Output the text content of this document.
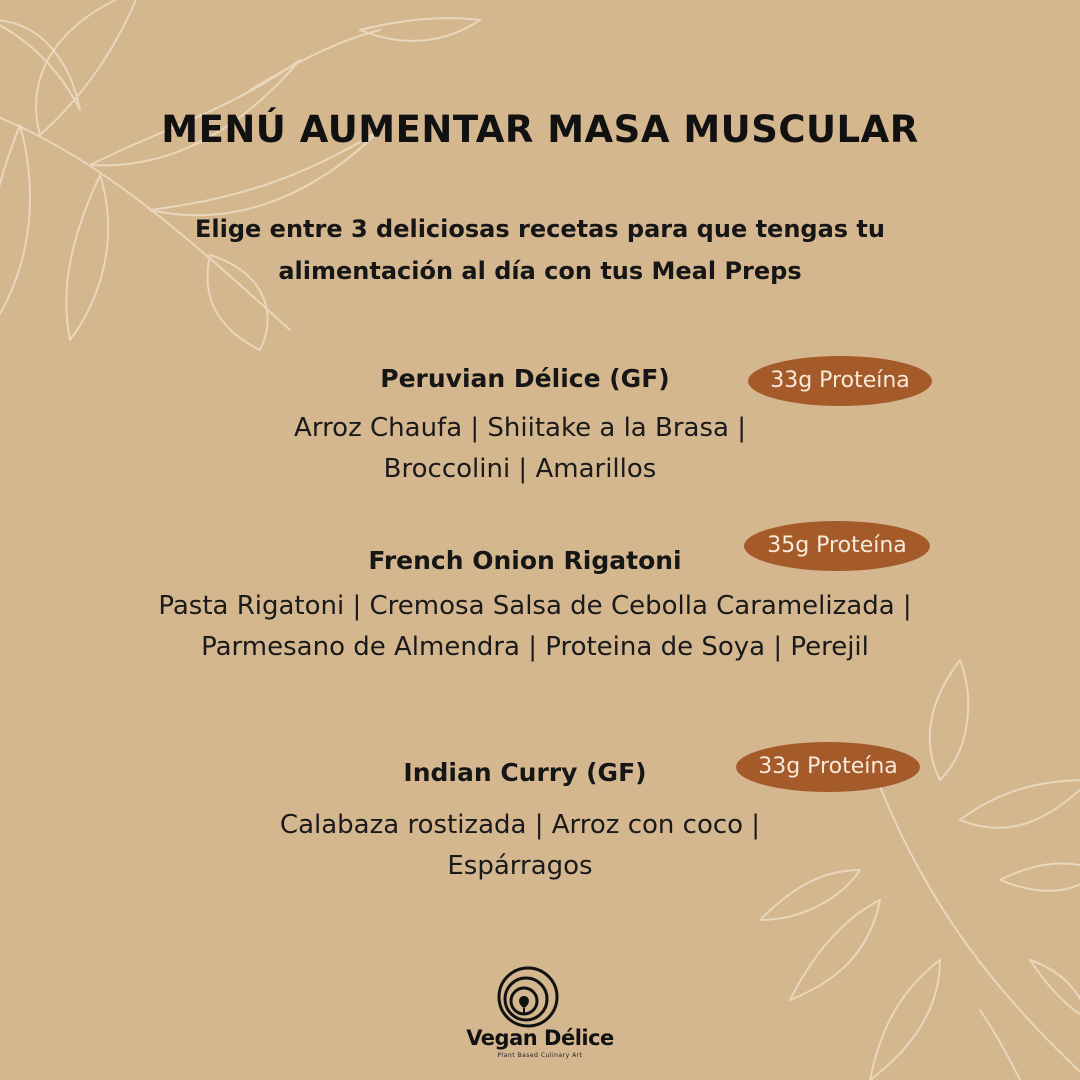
MENÚ AUMENTAR MASA MUSCULAR
Elige entre 3 deliciosas recetas para que tengas tu alimentación al día con tus Meal Preps
Peruvian Délice (GF)	33g Proteína
Arroz Chaufa | Shiitake a la Brasa | Broccolini | Amarillos
French Onion Rigatoni
35g Proteína
Pasta Rigatoni | Cremosa Salsa de Cebolla Caramelizada | Parmesano de Almendra | Proteina de Soya | Perejil
Indian Curry (GF)	33g Proteína
Calabaza rostizada | Arroz con coco | Espárragos
Vegan Délice
Plant Based Culinary Art
